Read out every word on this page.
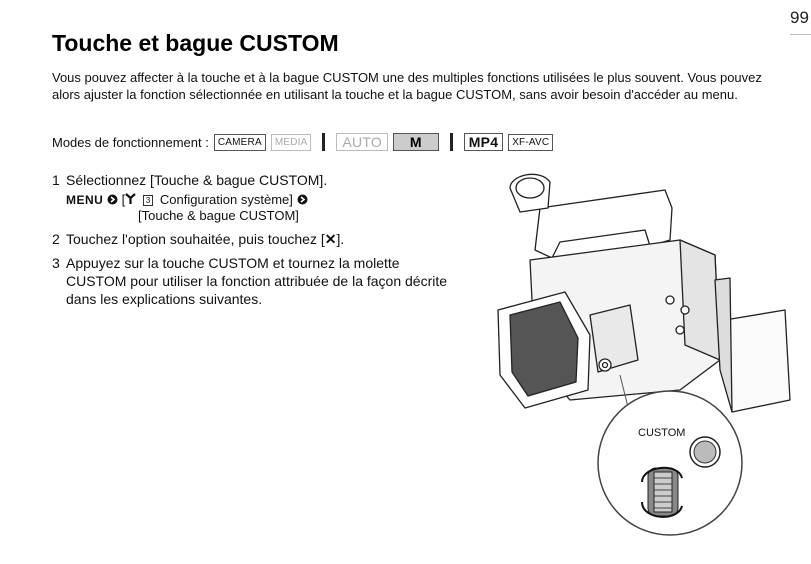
99
Touche et bague CUSTOM

Vous pouvez affecter à la touche et à la bague CUSTOM une des multiples fonctions utilisées le plus souvent. Vous pouvez alors ajuster la fonction sélectionnée en utilisant la touche et la bague CUSTOM, sans avoir besoin d'accéder au menu.

Modes de fonctionnement : CAMERA	MEDIA	AUTO	M	MP4	XF-AVC
1 Sélectionnez [Touche & bague CUSTOM].
MENU [	3 Configuration système]
[Touche & bague CUSTOM]
2 Touchez l'option souhaitée, puis touchez [✕].
3 Appuyez sur la touche CUSTOM et tournez la molette CUSTOM pour utiliser la fonction attribuée de la façon décrite dans les explications suivantes.
CUSTOM
